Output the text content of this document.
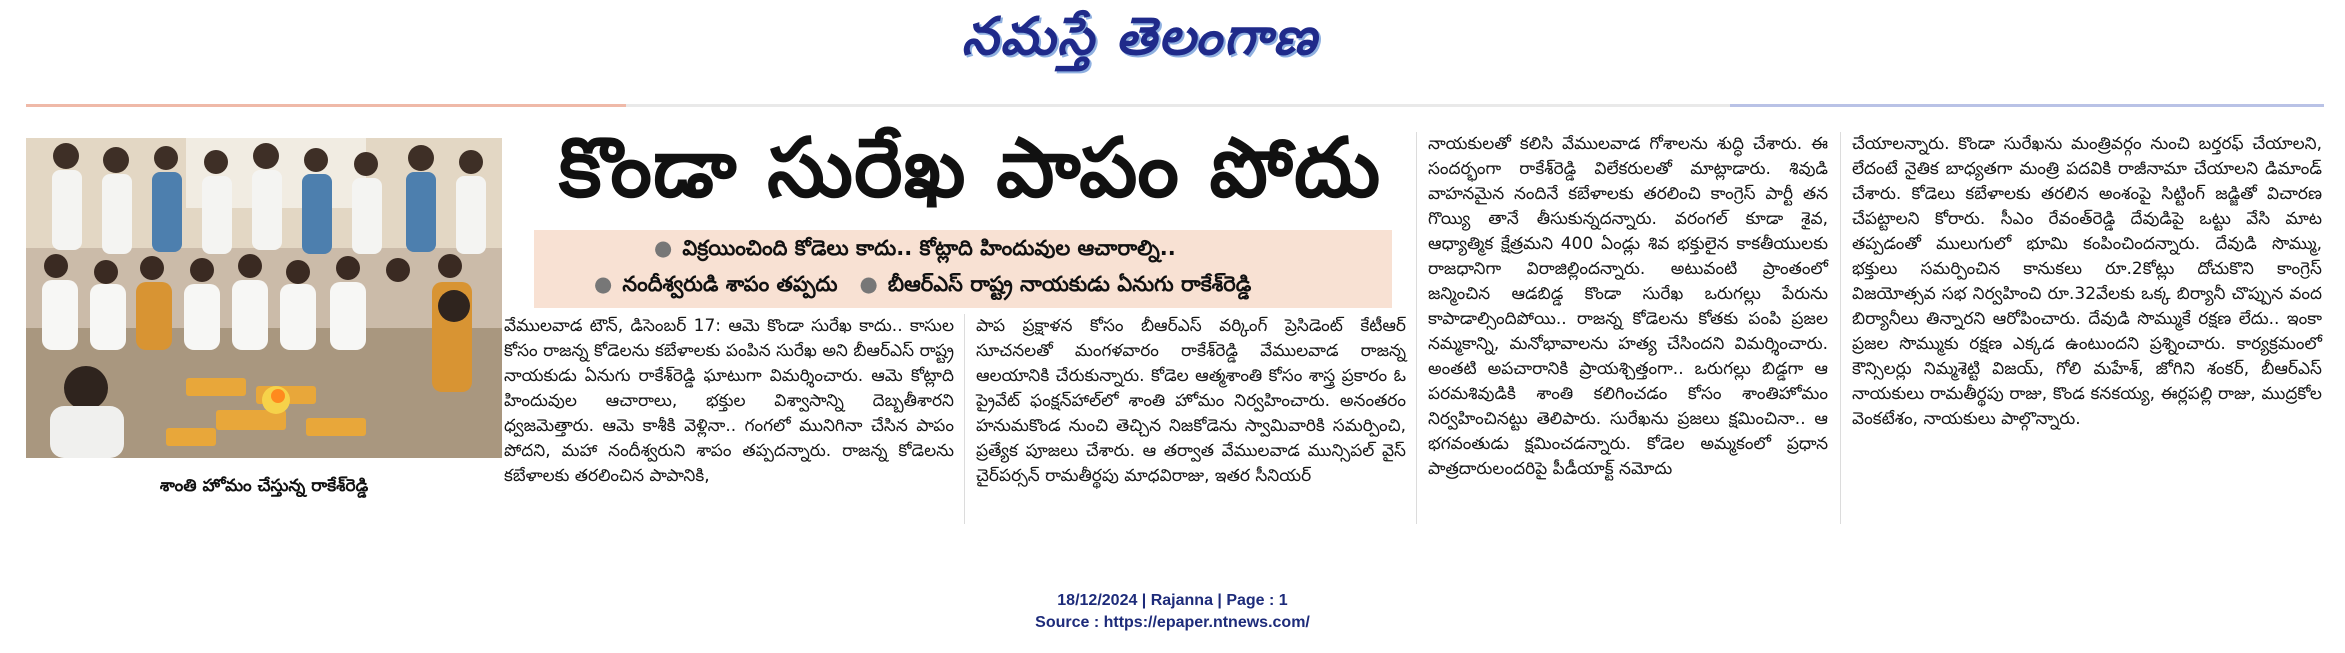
నమస్తే తెలంగాణ
శాంతి హోమం చేస్తున్న రాకేశ్‌రెడ్డి
కొండా సురేఖ పాపం పోదు
● విక్రయించింది కోడెలు కాదు.. కోట్లాది హిందువుల ఆచారాల్ని..
● నందీశ్వరుడి శాపం తప్పదు ● బీఆర్‌ఎస్ రాష్ట్ర నాయకుడు ఏనుగు రాకేశ్‌రెడ్డి

వేములవాడ టౌన్, డిసెంబర్ 17: ఆమె కొండా సురేఖ కాదు.. కాసుల కోసం రాజన్న కోడెలను కబేళాలకు పంపిన సురేఖ అని బీఆర్‌ఎస్ రాష్ట్ర నాయకుడు ఏనుగు రాకేశ్‌రెడ్డి ఘాటుగా విమర్శించారు. ఆమె కోట్లాది హిందువుల ఆచారాలు, భక్తుల విశ్వాసాన్ని దెబ్బతీశారని ధ్వజమెత్తారు. ఆమె కాశీకి వెళ్లినా.. గంగలో మునిగినా చేసిన పాపం పోదని, మహా నందీశ్వరుని శాపం తప్పదన్నారు. రాజన్న కోడెలను కబేళాలకు తరలించిన పాపానికి,

పాప ప్రక్షాళన కోసం బీఆర్‌ఎస్ వర్కింగ్ ప్రెసిడెంట్ కేటీఆర్ సూచనలతో మంగళవారం రాకేశ్‌రెడ్డి వేములవాడ రాజన్న ఆలయానికి చేరుకున్నారు. కోడెల ఆత్మశాంతి కోసం శాస్త్ర ప్రకారం ఓ ప్రైవేట్ ఫంక్షన్‌హాల్‌లో శాంతి హోమం నిర్వహించారు. అనంతరం హనుమకొండ నుంచి తెచ్చిన నిజకోడెను స్వామివారికి సమర్పించి, ప్రత్యేక పూజలు చేశారు. ఆ తర్వాత వేములవాడ మున్సిపల్ వైస్ చైర్‌పర్సన్ రామతీర్థపు మాధవిరాజు, ఇతర సీనియర్

నాయకులతో కలిసి వేములవాడ గోశాలను శుద్ధి చేశారు. ఈ సందర్భంగా రాకేశ్‌రెడ్డి విలేకరులతో మాట్లాడారు. శివుడి వాహనమైన నందినే కబేళాలకు తరలించి కాంగ్రెస్ పార్టీ తన గొయ్యి తానే తీసుకున్నదన్నారు. వరంగల్ కూడా శైవ, ఆధ్యాత్మిక క్షేత్రమని 400 ఏండ్లు శివ భక్తులైన కాకతీయులకు రాజధానిగా విరాజిల్లిందన్నారు. అటువంటి ప్రాంతంలో జన్మించిన ఆడబిడ్డ కొండా సురేఖ ఒరుగల్లు పేరును కాపాడాల్సిందిపోయి.. రాజన్న కోడెలను కోతకు పంపి ప్రజల నమ్మకాన్ని, మనోభావాలను హత్య చేసిందని విమర్శించారు. అంతటి అపచారానికి ప్రాయశ్చిత్తంగా.. ఒరుగల్లు బిడ్డగా ఆ పరమశివుడికి శాంతి కలిగించడం కోసం శాంతిహోమం నిర్వహించినట్టు తెలిపారు. సురేఖను ప్రజలు క్షమించినా.. ఆ భగవంతుడు క్షమించడన్నారు. కోడెల అమ్మకంలో ప్రధాన పాత్రదారులందరిపై పీడీయాక్ట్ నమోదు

చేయాలన్నారు. కొండా సురేఖను మంత్రివర్గం నుంచి బర్తరఫ్ చేయాలని, లేదంటే నైతిక బాధ్యతగా మంత్రి పదవికి రాజీనామా చేయాలని డిమాండ్ చేశారు. కోడెలు కబేళాలకు తరలిన అంశంపై సిట్టింగ్ జడ్జితో విచారణ చేపట్టాలని కోరారు. సీఎం రేవంత్‌రెడ్డి దేవుడిపై ఒట్టు వేసి మాట తప్పడంతో ములుగులో భూమి కంపించిందన్నారు. దేవుడి సొమ్ము, భక్తులు సమర్పించిన కానుకలు రూ.2కోట్లు దోచుకొని కాంగ్రెస్ విజయోత్సవ సభ నిర్వహించి రూ.32వేలకు ఒక్క బిర్యానీ చొప్పున వంద బిర్యానీలు తిన్నారని ఆరోపించారు. దేవుడి సొమ్ముకే రక్షణ లేదు.. ఇంకా ప్రజల సొమ్ముకు రక్షణ ఎక్కడ ఉంటుందని ప్రశ్నించారు. కార్యక్రమంలో కౌన్సిలర్లు నిమ్మశెట్టి విజయ్, గోలి మహేశ్, జోగిని శంకర్, బీఆర్‌ఎస్ నాయకులు రామతీర్థపు రాజు, కొండ కనకయ్య, ఈర్లపల్లి రాజు, ముద్రకోల వెంకటేశం, నాయకులు పాల్గొన్నారు.

18/12/2024 | Rajanna | Page : 1
Source : https://epaper.ntnews.com/
